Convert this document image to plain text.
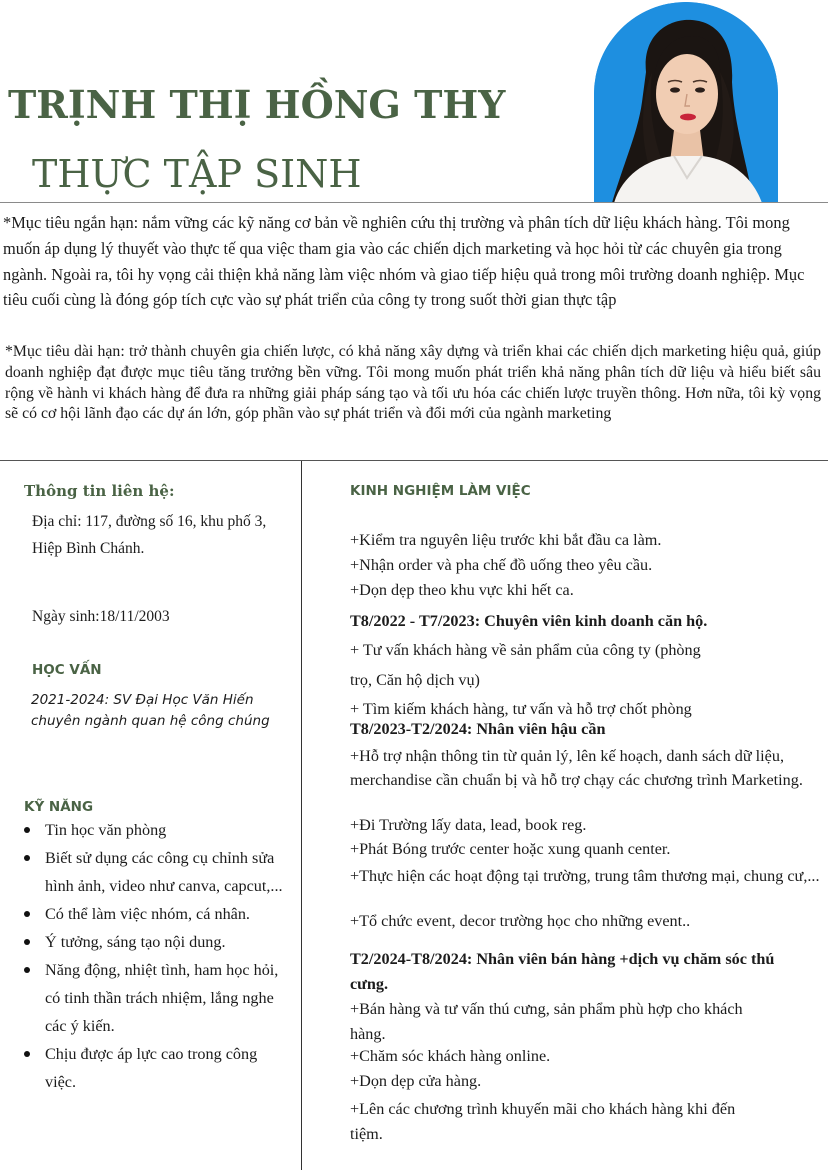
TRỊNH THỊ HỒNG THY
THỰC TẬP SINH

*Mục tiêu ngắn hạn: nắm vững các kỹ năng cơ bản về nghiên cứu thị trường và phân tích dữ liệu khách hàng. Tôi mong muốn áp dụng lý thuyết vào thực tế qua việc tham gia vào các chiến dịch marketing và học hỏi từ các chuyên gia trong ngành. Ngoài ra, tôi hy vọng cải thiện khả năng làm việc nhóm và giao tiếp hiệu quả trong môi trường doanh nghiệp. Mục tiêu cuối cùng là đóng góp tích cực vào sự phát triển của công ty trong suốt thời gian thực tập

*Mục tiêu dài hạn: trở thành chuyên gia chiến lược, có khả năng xây dựng và triển khai các chiến dịch marketing hiệu quả, giúp doanh nghiệp đạt được mục tiêu tăng trưởng bền vững. Tôi mong muốn phát triển khả năng phân tích dữ liệu và hiểu biết sâu rộng về hành vi khách hàng để đưa ra những giải pháp sáng tạo và tối ưu hóa các chiến lược truyền thông. Hơn nữa, tôi kỳ vọng sẽ có cơ hội lãnh đạo các dự án lớn, góp phần vào sự phát triển và đổi mới của ngành marketing

Thông tin liên hệ:

Địa chỉ: 117, đường số 16, khu phố 3, Hiệp Bình Chánh.

Ngày sinh:18/11/2003

HỌC VẤN

2021-2024: SV Đại Học Văn Hiến chuyên ngành quan hệ công chúng

KỸ NĂNG
Tin học văn phòng
Biết sử dụng các công cụ chỉnh sửa hình ảnh, video như canva, capcut,...
Có thể làm việc nhóm, cá nhân.
Ý tưởng, sáng tạo nội dung.
Năng động, nhiệt tình, ham học hỏi, có tinh thần trách nhiệm, lắng nghe các ý kiến.
Chịu được áp lực cao trong công việc.
KINH NGHIỆM LÀM VIỆC

+Kiểm tra nguyên liệu trước khi bắt đầu ca làm.

+Nhận order và pha chế đồ uống theo yêu cầu.

+Dọn dẹp theo khu vực khi hết ca.

T8/2022 - T7/2023: Chuyên viên kinh doanh căn hộ.

+ Tư vấn khách hàng về sản phẩm của công ty (phòng

trọ, Căn hộ dịch vụ)

+ Tìm kiếm khách hàng, tư vấn và hỗ trợ chốt phòng

T8/2023-T2/2024: Nhân viên hậu cần

+Hỗ trợ nhận thông tin từ quản lý, lên kế hoạch, danh sách dữ liệu, merchandise cần chuẩn bị và hỗ trợ chạy các chương trình Marketing.

+Đi Trường lấy data, lead, book reg.

+Phát Bóng trước center hoặc xung quanh center.

+Thực hiện các hoạt động tại trường, trung tâm thương mại, chung cư,...

+Tổ chức event, decor trường học cho những event..

T2/2024-T8/2024: Nhân viên bán hàng +dịch vụ chăm sóc thú cưng.

+Bán hàng và tư vấn thú cưng, sản phẩm phù hợp cho khách hàng.

+Chăm sóc khách hàng online.

+Dọn dẹp cửa hàng.

+Lên các chương trình khuyến mãi cho khách hàng khi đến tiệm.
